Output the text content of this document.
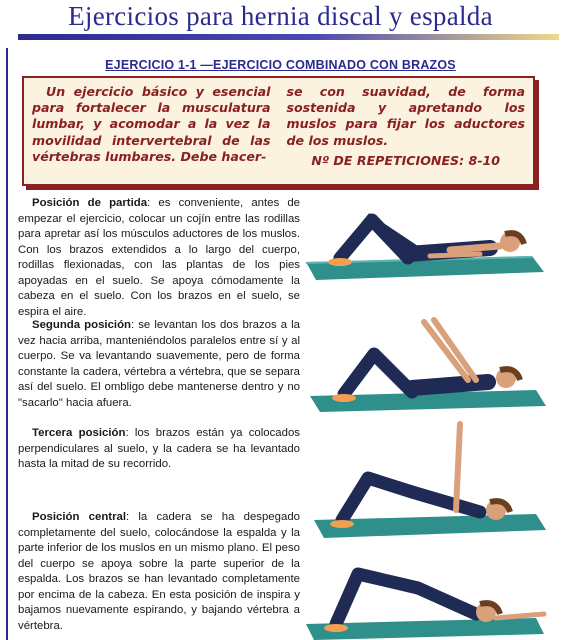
Ejercicios para hernia discal y espalda
EJERCICIO 1-1 —EJERCICIO COMBINADO CON BRAZOS

Un ejercicio básico y esencial para fortalecer la musculatura lumbar, y acomodar a la vez la movilidad intervertebral de las vértebras lumbares. Debe hacer-

se con suavidad, de forma sostenida y apretando los muslos para fijar los aductores de los muslos.

Nº DE REPETICIONES: 8-10

Posición de partida: es conveniente, antes de empezar el ejercicio, colocar un cojín entre las rodillas para apretar así los músculos aductores de los muslos. Con los brazos extendidos a lo largo del cuerpo, rodillas flexionadas, con las plantas de los pies apoyadas en el suelo. Se apoya cómodamente la cabeza en el suelo. Con los brazos en el suelo, se espira el aire.

Segunda posición: se levantan los dos brazos a la vez hacia arriba, manteniéndolos paralelos entre sí y al cuerpo. Se va levantando suavemente, pero de forma constante la cadera, vértebra a vértebra, que se separa así del suelo. El ombligo debe mantenerse dentro y no "sacarlo" hacia afuera.

Tercera posición: los brazos están ya colocados perpendiculares al suelo, y la cadera se ha levantado hasta la mitad de su recorrido.

Posición central: la cadera se ha despegado completamente del suelo, colocándose la espalda y la parte inferior de los muslos en un mismo plano. El peso del cuerpo se apoya sobre la parte superior de la espalda. Los brazos se han levantado completamente por encima de la cabeza. En esta posición de inspira y bajamos nuevamente espirando, y bajando vértebra a vértebra.
